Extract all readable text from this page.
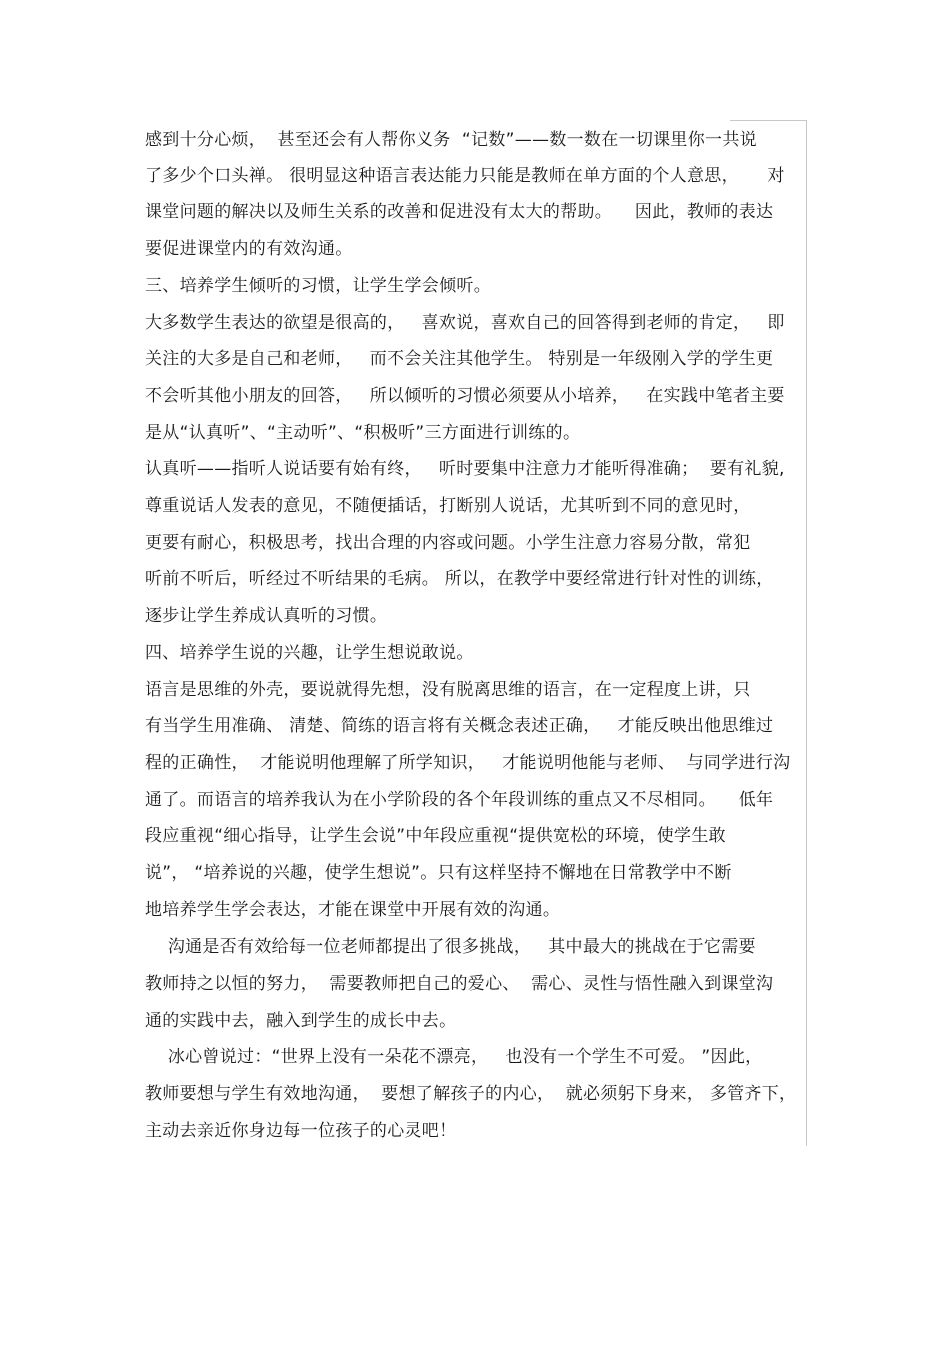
感到十分心烦，  甚至还会有人帮你义务  “记数”——数一数在一切课里你一共说
了多少个口头禅。 很明显这种语言表达能力只能是教师在单方面的个人意思，     对
课堂问题的解决以及师生关系的改善和促进没有太大的帮助。    因此，教师的表达
要促进课堂内的有效沟通。
三、培养学生倾听的习惯，让学生学会倾听。
大多数学生表达的欲望是很高的，   喜欢说，喜欢自己的回答得到老师的肯定，   即
关注的大多是自己和老师，   而不会关注其他学生。 特别是一年级刚入学的学生更
不会听其他小朋友的回答，   所以倾听的习惯必须要从小培养，   在实践中笔者主要
是从“认真听”、“主动听”、“积极听”三方面进行训练的。
认真听——指听人说话要有始有终，   听时要集中注意力才能听得准确；  要有礼貌,
尊重说话人发表的意见，不随便插话，打断别人说话，尤其听到不同的意见时，
更要有耐心，积极思考，找出合理的内容或问题。小学生注意力容易分散，常犯
听前不听后，听经过不听结果的毛病。 所以，在教学中要经常进行针对性的训练，
逐步让学生养成认真听的习惯。
四、培养学生说的兴趣，让学生想说敢说。
语言是思维的外壳，要说就得先想，没有脱离思维的语言，在一定程度上讲，只
有当学生用准确、 清楚、简练的语言将有关概念表述正确，   才能反映出他思维过
程的正确性，  才能说明他理解了所学知识，   才能说明他能与老师、  与同学进行沟
通了。而语言的培养我认为在小学阶段的各个年段训练的重点又不尽相同。    低年
段应重视“细心指导，让学生会说”中年段应重视“提供宽松的环境，使学生敢
说”， “培养说的兴趣，使学生想说”。只有这样坚持不懈地在日常教学中不断
地培养学生学会表达，才能在课堂中开展有效的沟通。
沟通是否有效给每一位老师都提出了很多挑战，   其中最大的挑战在于它需要
教师持之以恒的努力，  需要教师把自己的爱心、  需心、灵性与悟性融入到课堂沟
通的实践中去，融入到学生的成长中去。
冰心曾说过：“世界上没有一朵花不漂亮，   也没有一个学生不可爱。 ”因此，
教师要想与学生有效地沟通，  要想了解孩子的内心，  就必须躬下身来， 多管齐下，
主动去亲近你身边每一位孩子的心灵吧！
